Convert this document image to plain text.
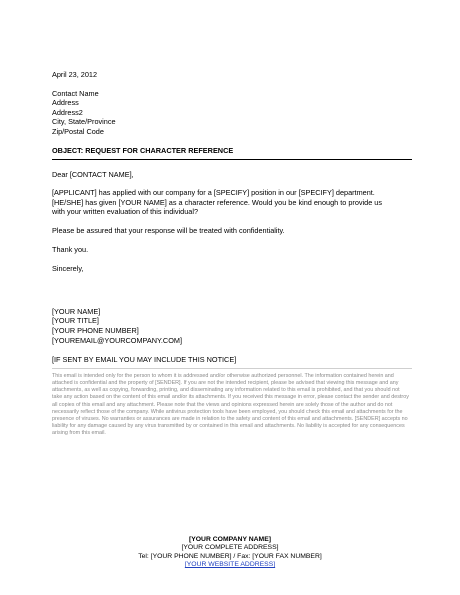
April 23, 2012
Contact Name
Address
Address2
City, State/Province
Zip/Postal Code
OBJECT: REQUEST FOR CHARACTER REFERENCE
Dear [CONTACT NAME],
[APPLICANT] has applied with our company for a [SPECIFY] position in our [SPECIFY] department.
[HE/SHE] has given [YOUR NAME] as a character reference. Would you be kind enough to provide us
with your written evaluation of this individual?
Please be assured that your response will be treated with confidentiality.
Thank you.
Sincerely,
[YOUR NAME]
[YOUR TITLE]
[YOUR PHONE NUMBER]
[YOUREMAIL@YOURCOMPANY.COM]
[IF SENT BY EMAIL YOU MAY INCLUDE THIS NOTICE]
This email is intended only for the person to whom it is addressed and/or otherwise authorized personnel. The information contained herein and attached is confidential and the property of [SENDER]. If you are not the intended recipient, please be advised that viewing this message and any attachments, as well as copying, forwarding, printing, and disseminating any information related to this email is prohibited, and that you should not take any action based on the content of this email and/or its attachments. If you received this message in error, please contact the sender and destroy all copies of this email and any attachment. Please note that the views and opinions expressed herein are solely those of the author and do not necessarily reflect those of the company. While antivirus protection tools have been employed, you should check this email and attachments for the presence of viruses. No warranties or assurances are made in relation to the safety and content of this email and attachments. [SENDER] accepts no liability for any damage caused by any virus transmitted by or contained in this email and attachments. No liability is accepted for any consequences arising from this email.
[YOUR COMPANY NAME]
[YOUR COMPLETE ADDRESS]
Tel: [YOUR PHONE NUMBER] / Fax: [YOUR FAX NUMBER]
[YOUR WEBSITE ADDRESS]
